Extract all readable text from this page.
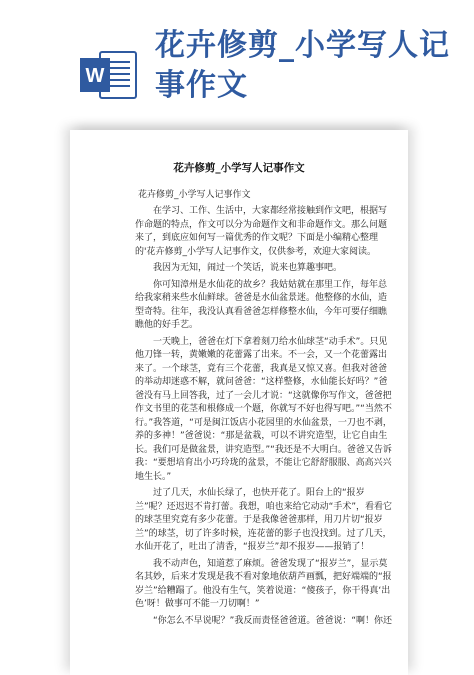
W
花卉修剪_小学写人记事作文
花卉修剪_小学写人记事作文
花卉修剪_小学写人记事作文

在学习、工作、生活中，大家都经常接触到作文吧，根据写作命题的特点，作文可以分为命题作文和非命题作文。那么问题来了，到底应如何写一篇优秀的作文呢？下面是小编精心整理的'花卉修剪_小学写人记事作文，仅供参考，欢迎大家阅读。

我因为无知，闹过一个笑话，说来也算趣事吧。

你可知漳州是水仙花的故乡？我姑姑就在那里工作，每年总给我家稍来些水仙鲜球。爸爸是水仙盆景迷。他整修的水仙，造型奇特。往年，我没认真看爸爸怎样修整水仙，今年可要仔细瞧瞧他的好手艺。

一天晚上，爸爸在灯下拿着刻刀给水仙球茎“动手术”。只见他刀锋一转，黄嫩嫩的花蕾露了出来。不一会，又一个花蕾露出来了。一个球茎，竟有三个花蕾，我真是又惊又喜。但我对爸爸的举动却迷惑不解，就问爸爸：“这样整修，水仙能长好吗？”爸爸没有马上回答我，过了一会儿才说：“这就像你写作文，爸爸把作文书里的花茎和根修成一个题，你就写不好也得写吧。”“当然不行。”我答道，“可是闽江饭店小花园里的水仙盆景，一刀也不剥，养的多神！”爸爸说：“那是盆栽，可以不讲究造型，让它自由生长。我们可是做盆景，讲究造型。”“我还是不大明白。爸爸又告诉我：“要想培育出小巧玲珑的盆景，不能让它舒舒服服、高高兴兴地生长。”

过了几天，水仙长绿了，也快开花了。阳台上的“报岁兰”呢？还迟迟不肯打蕾。我想，咱也来给它动动“手术”，看看它的球茎里究竟有多少花蕾。于是我像爸爸那样，用刀片切“报岁兰”的球茎，切了许多时候，连花蕾的影子也没找到。过了几天，水仙开花了，吐出了清香，“报岁兰”却不报岁——报销了！

我不动声色，知道惹了麻烦。爸爸发现了“报岁兰”，显示莫名其妙，后来才发现是我不看对象地依葫芦画瓢，把好端端的“报岁兰”给糟蹋了。他没有生气，笑着说道：“傻孩子，你干得真‘出色’呀！做事可不能一刀切啊！”

“你怎么不早说呢？”我反而责怪爸爸道。爸爸说：“啊！你还
